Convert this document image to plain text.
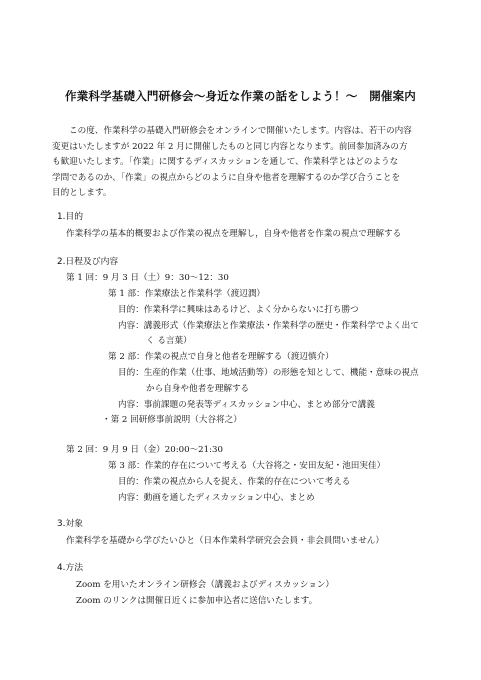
作業科学基礎入門研修会〜身近な作業の話をしよう！〜　開催案内

この度、作業科学の基礎入門研修会をオンラインで開催いたします。内容は、若干の内容

変更はいたしますが 2022 年 2 月に開催したものと同じ内容となります。前回参加済みの方

も歓迎いたします。「作業」に関するディスカッションを通して、作業科学とはどのような

学問であるのか、「作業」の視点からどのように自身や他者を理解するのか学び合うことを

目的とします。

1.目的
作業科学の基本的概要および作業の視点を理解し，自身や他者を作業の視点で理解する
2.日程及び内容
第 1 回：9 月 3 日（土）9：30〜12：30
第 1 部：作業療法と作業科学（渡辺潤）
目的：作業科学に興味はあるけど、よく分からないに打ち勝つ
内容：講義形式（作業療法と作業療法・作業科学の歴史・作業科学でよく出て
く る言葉）
第 2 部：作業の視点で自身と他者を理解する（渡辺慎介）
目的：生産的作業（仕事、地域活動等）の形態を知として、機能・意味の視点
から自身や他者を理解する
内容：事前課題の発表等ディスカッション中心、まとめ部分で講義
・第 2 回研修事前説明（大谷将之）
第 2 回：9 月 9 日（金）20:00〜21:30
第 3 部：作業的存在について考える（大谷将之・安田友紀・池田実佳）
目的：作業の視点から人を捉え、作業的存在について考える
内容：動画を通したディスカッション中心、まとめ
3.対象
作業科学を基礎から学びたいひと（日本作業科学研究会会員・非会員問いません）
4.方法
Zoom を用いたオンライン研修会（講義およびディスカッション）
Zoom のリンクは開催日近くに参加申込者に送信いたします。
